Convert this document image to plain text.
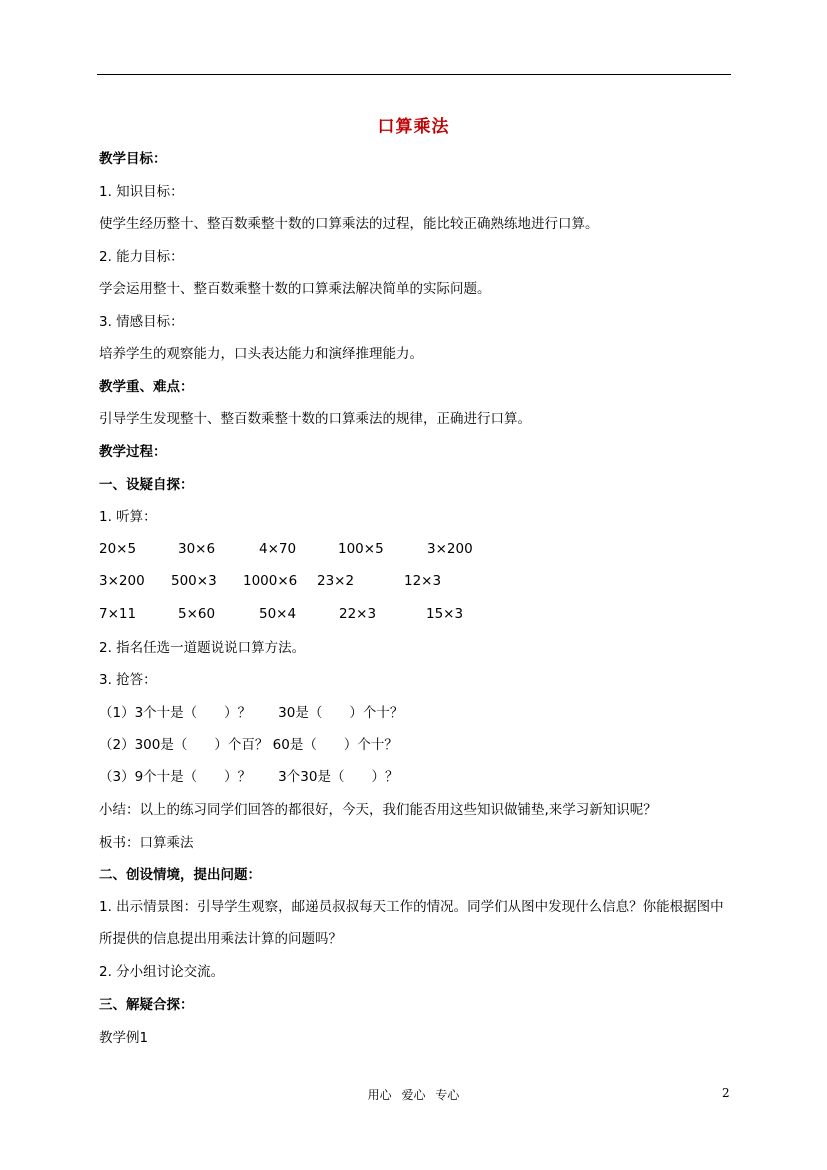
口算乘法
教学目标：
1. 知识目标：
使学生经历整十、整百数乘整十数的口算乘法的过程，能比较正确熟练地进行口算。
2. 能力目标：
学会运用整十、整百数乘整十数的口算乘法解决简单的实际问题。
3. 情感目标：
培养学生的观察能力，口头表达能力和演绎推理能力。
教学重、难点：
引导学生发现整十、整百数乘整十数的口算乘法的规律，正确进行口算。
教学过程：
一、设疑自探：
1. 听算：
20×5	30×6	4×70	100×5	3×200
3×200 500×3 1000×6 23×2	12×3
7×11	5×60	50×4	22×3	15×3
2. 指名任选一道题说说口算方法。
3. 抢答：
（1）3个十是（　　）？　　30是（　　）个十？
（2）300是（　　）个百？ 60是（　　）个十？
（3）9个十是（　　）？　　3个30是（　　）？
小结：以上的练习同学们回答的都很好，今天，我们能否用这些知识做铺垫,来学习新知识呢？
板书：口算乘法
二、创设情境，提出问题：
1. 出示情景图：引导学生观察，邮递员叔叔每天工作的情况。同学们从图中发现什么信息？你能根据图中所提供的信息提出用乘法计算的问题吗？
2. 分小组讨论交流。
三、解疑合探：
教学例1
用心 爱心 专心	2
